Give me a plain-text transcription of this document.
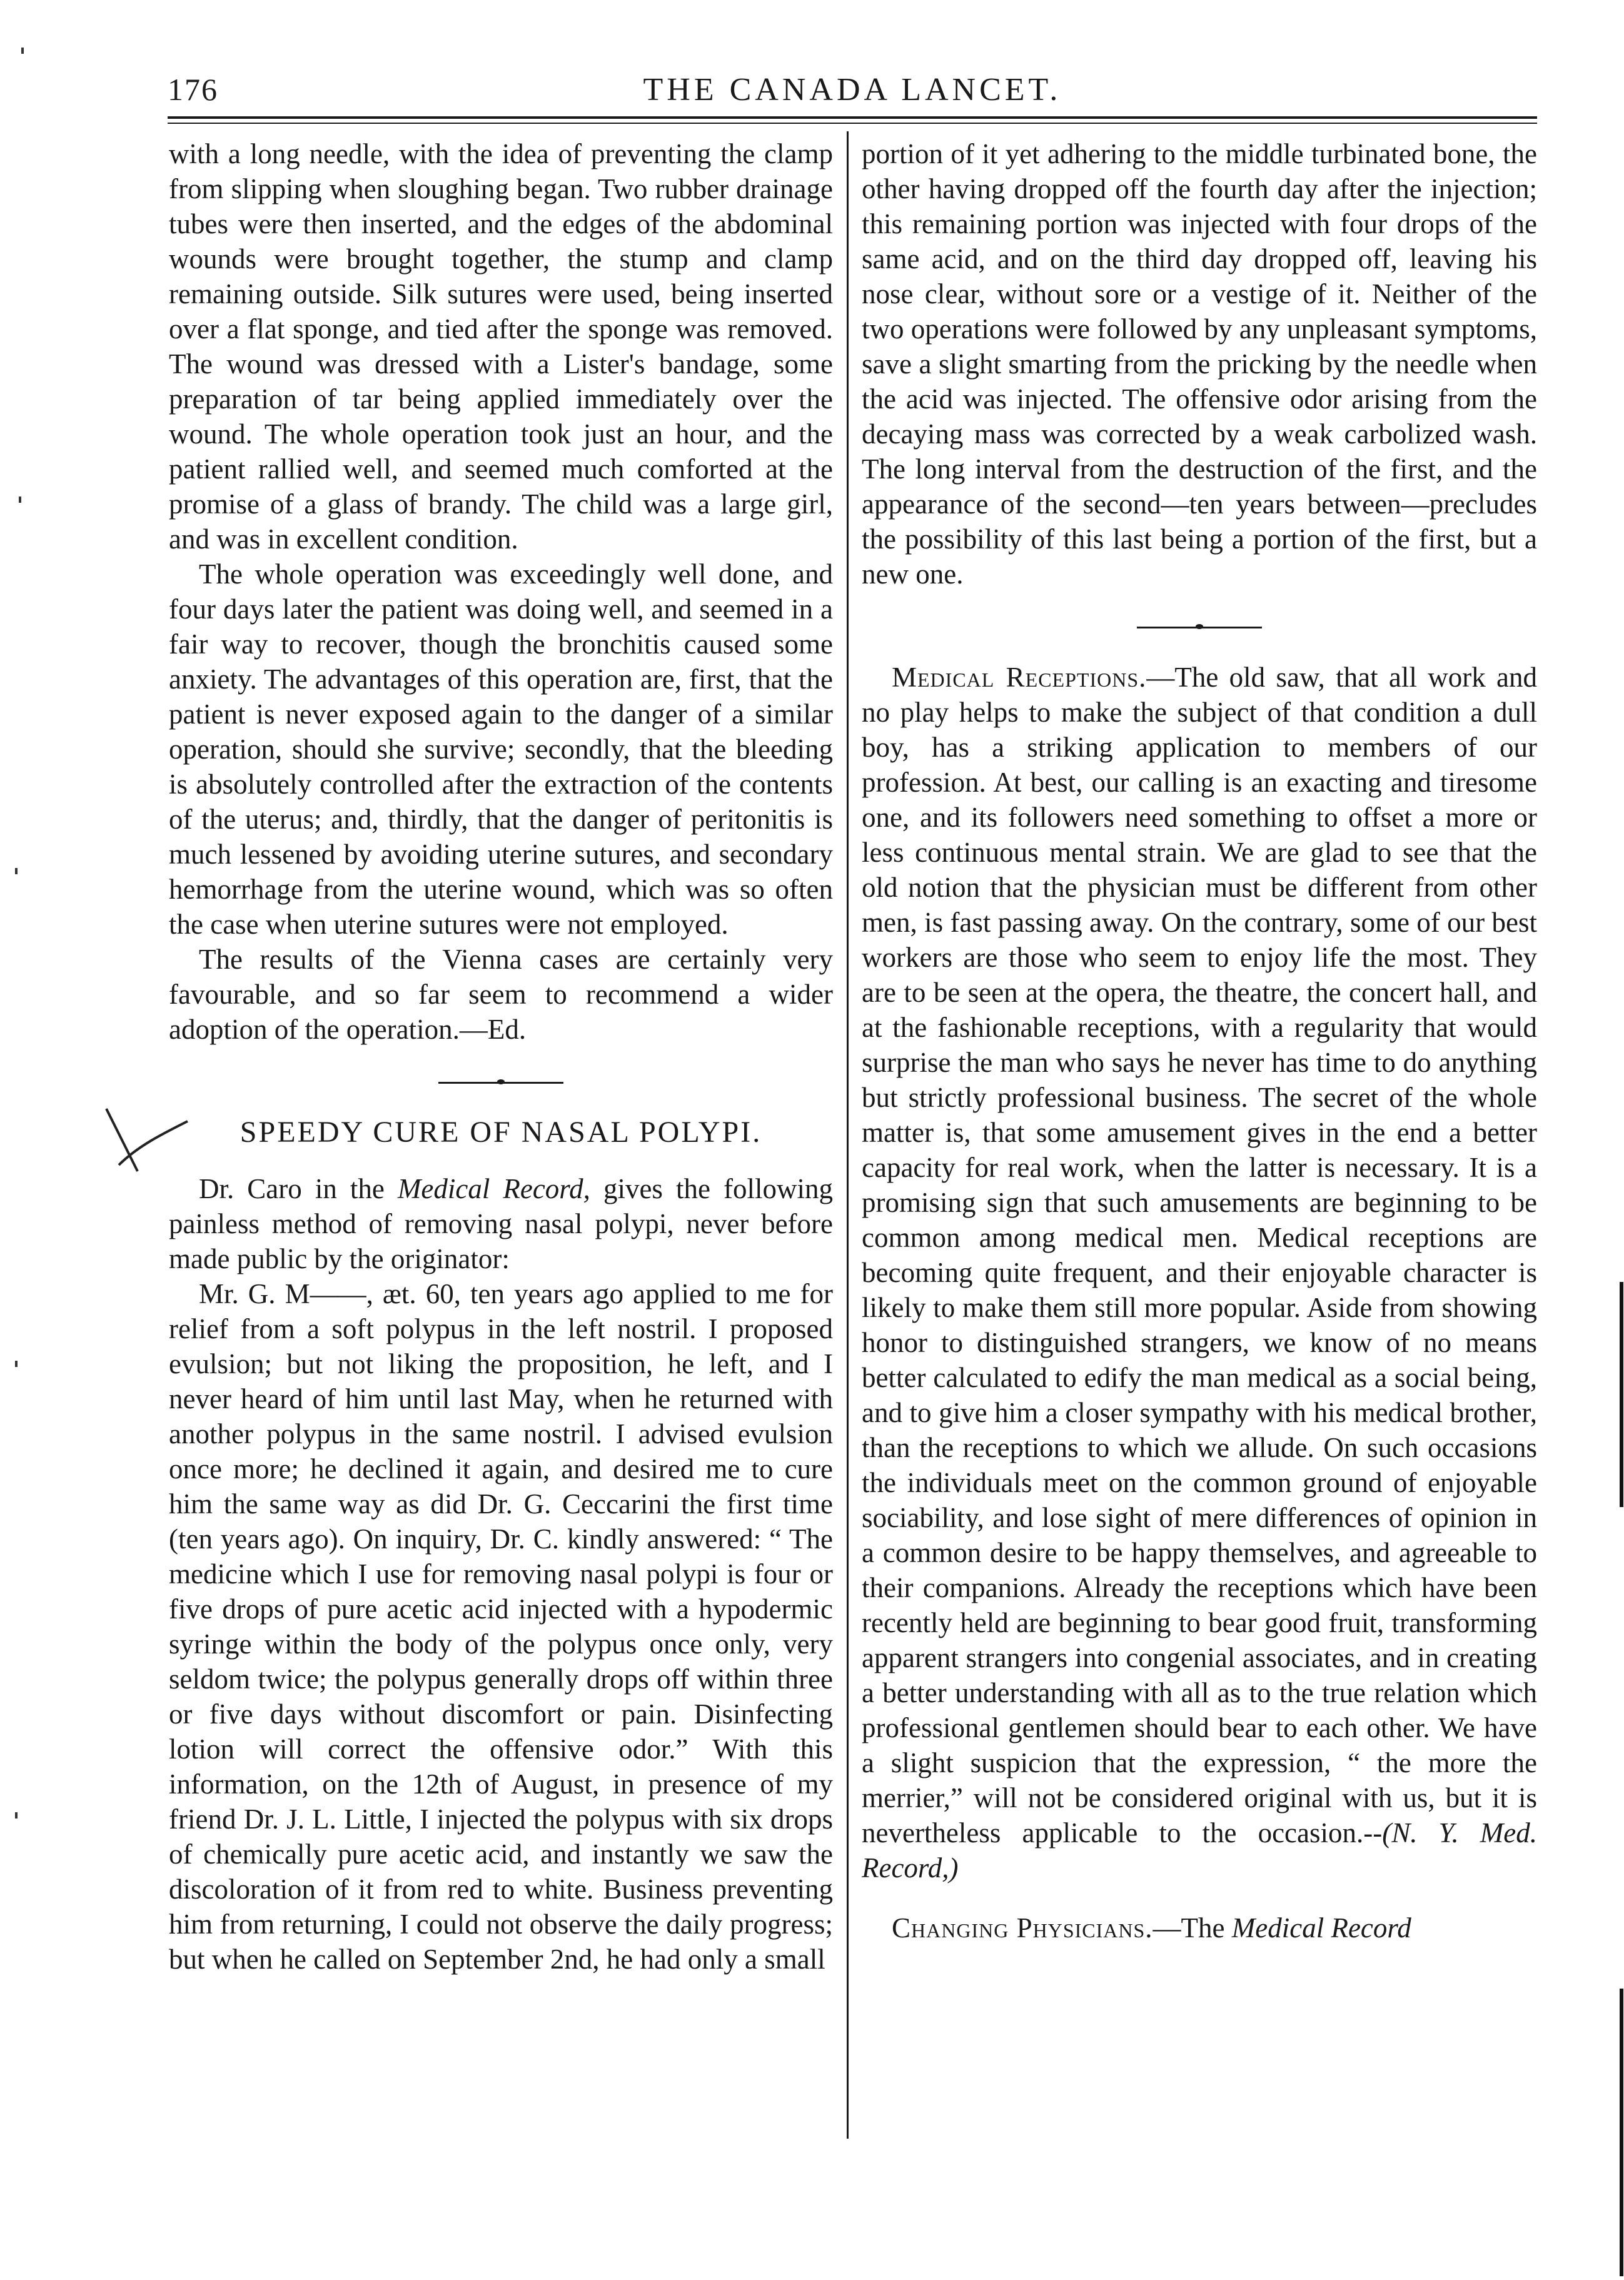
176	THE CANADA LANCET.

with a long needle, with the idea of preventing the clamp from slipping when sloughing began. Two rubber drainage tubes were then inserted, and the edges of the abdominal wounds were brought together, the stump and clamp remaining outside. Silk sutures were used, being inserted over a flat sponge, and tied after the sponge was removed. The wound was dressed with a Lister's bandage, some preparation of tar being applied immediately over the wound. The whole operation took just an hour, and the patient rallied well, and seemed much comforted at the promise of a glass of brandy. The child was a large girl, and was in excellent condition.

The whole operation was exceedingly well done, and four days later the patient was doing well, and seemed in a fair way to recover, though the bronchitis caused some anxiety. The advantages of this operation are, first, that the patient is never exposed again to the danger of a similar operation, should she survive; secondly, that the bleeding is absolutely controlled after the extraction of the contents of the uterus; and, thirdly, that the danger of peritonitis is much lessened by avoiding uterine sutures, and secondary hemorrhage from the uterine wound, which was so often the case when uterine sutures were not employed.

The results of the Vienna cases are certainly very favourable, and so far seem to recommend a wider adoption of the operation.—Ed.

SPEEDY CURE OF NASAL POLYPI.

Dr. Caro in the Medical Record, gives the following painless method of removing nasal polypi, never before made public by the originator:

Mr. G. M——, æt. 60, ten years ago applied to me for relief from a soft polypus in the left nostril. I proposed evulsion; but not liking the proposition, he left, and I never heard of him until last May, when he returned with another polypus in the same nostril. I advised evulsion once more; he declined it again, and desired me to cure him the same way as did Dr. G. Ceccarini the first time (ten years ago). On inquiry, Dr. C. kindly answered: “ The medicine which I use for removing nasal polypi is four or five drops of pure acetic acid injected with a hypodermic syringe within the body of the polypus once only, very seldom twice; the polypus generally drops off within three or five days without discomfort or pain. Disinfecting lotion will correct the offensive odor.” With this information, on the 12th of August, in presence of my friend Dr. J. L. Little, I injected the polypus with six drops of chemically pure acetic acid, and instantly we saw the discoloration of it from red to white. Business preventing him from returning, I could not observe the daily progress; but when he called on September 2nd, he had only a small

portion of it yet adhering to the middle turbinated bone, the other having dropped off the fourth day after the injection; this remaining portion was injected with four drops of the same acid, and on the third day dropped off, leaving his nose clear, without sore or a vestige of it. Neither of the two operations were followed by any unpleasant symptoms, save a slight smarting from the pricking by the needle when the acid was injected. The offensive odor arising from the decaying mass was corrected by a weak carbolized wash. The long interval from the destruction of the first, and the appearance of the second—ten years between—precludes the possibility of this last being a portion of the first, but a new one.

Medical Receptions.—The old saw, that all work and no play helps to make the subject of that condition a dull boy, has a striking application to members of our profession. At best, our calling is an exacting and tiresome one, and its followers need something to offset a more or less continuous mental strain. We are glad to see that the old notion that the physician must be different from other men, is fast passing away. On the contrary, some of our best workers are those who seem to enjoy life the most. They are to be seen at the opera, the theatre, the concert hall, and at the fashionable receptions, with a regularity that would surprise the man who says he never has time to do anything but strictly professional business. The secret of the whole matter is, that some amusement gives in the end a better capacity for real work, when the latter is necessary. It is a promising sign that such amusements are beginning to be common among medical men. Medical receptions are becoming quite frequent, and their enjoyable character is likely to make them still more popular. Aside from showing honor to distinguished strangers, we know of no means better calculated to edify the man medical as a social being, and to give him a closer sympathy with his medical brother, than the receptions to which we allude. On such occasions the individuals meet on the common ground of enjoyable sociability, and lose sight of mere differences of opinion in a common desire to be happy themselves, and agreeable to their companions. Already the receptions which have been recently held are beginning to bear good fruit, transforming apparent strangers into congenial associates, and in creating a better understanding with all as to the true relation which professional gentlemen should bear to each other. We have a slight suspicion that the expression, “ the more the merrier,” will not be considered original with us, but it is nevertheless applicable to the occasion.--(N. Y. Med. Record,)

Changing Physicians.—The Medical Record
